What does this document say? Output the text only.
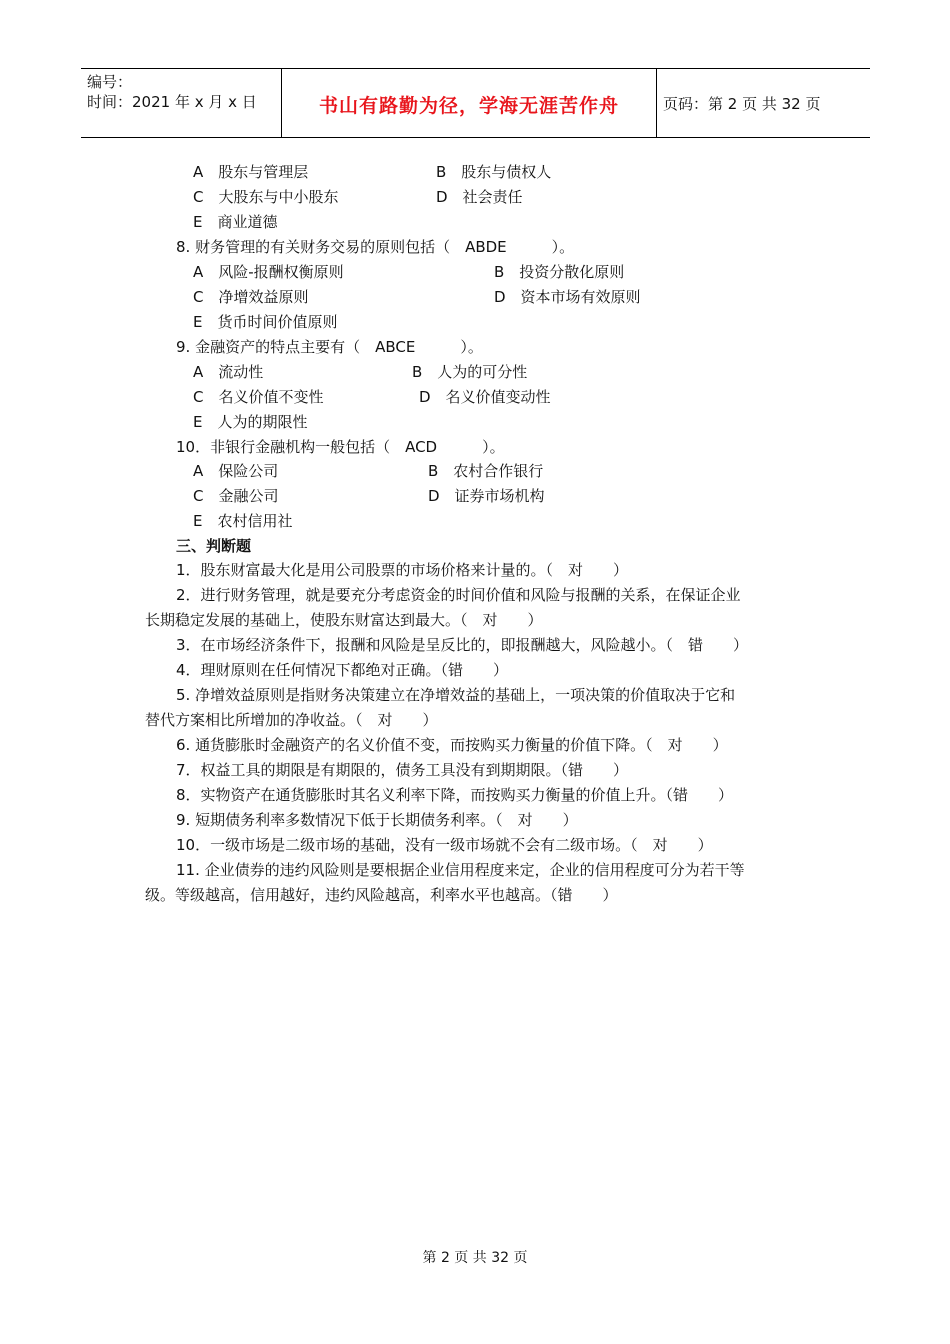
编号：
时间：2021 年 x 月 x 日	书山有路勤为径，学海无涯苦作舟	页码：第 2 页 共 32 页
A　股东与管理层	B　股东与债权人
C　大股东与中小股东	D　社会责任
E　商业道德
8. 财务管理的有关财务交易的原则包括（　ABDE　　　）。
A　风险-报酬权衡原则	B　投资分散化原则
C　净增效益原则	D　资本市场有效原则
E　货币时间价值原则
9. 金融资产的特点主要有（　ABCE　　　）。
A　流动性	B　人为的可分性
C　名义价值不变性	D　名义价值变动性
E　人为的期限性
10．非银行金融机构一般包括（　ACD　　　）。
A　保险公司	B　农村合作银行
C　金融公司	D　证券市场机构
E　农村信用社
三、判断题
1．股东财富最大化是用公司股票的市场价格来计量的。（　对　　）
2．进行财务管理，就是要充分考虑资金的时间价值和风险与报酬的关系，在保证企业
长期稳定发展的基础上，使股东财富达到最大。（　对　　）
3．在市场经济条件下，报酬和风险是呈反比的，即报酬越大，风险越小。（　错　　）
4．理财原则在任何情况下都绝对正确。（错　　）
5. 净增效益原则是指财务决策建立在净增效益的基础上，一项决策的价值取决于它和
替代方案相比所增加的净收益。（　对　　）
6. 通货膨胀时金融资产的名义价值不变，而按购买力衡量的价值下降。（　对　　）
7．权益工具的期限是有期限的，债务工具没有到期期限。（错　　）
8．实物资产在通货膨胀时其名义利率下降，而按购买力衡量的价值上升。（错　　）
9. 短期债务利率多数情况下低于长期债务利率。（　对　　）
10．一级市场是二级市场的基础，没有一级市场就不会有二级市场。（　对　　）
11. 企业债券的违约风险则是要根据企业信用程度来定，企业的信用程度可分为若干等
级。等级越高，信用越好，违约风险越高，利率水平也越高。（错　　）
第 2 页 共 32 页
